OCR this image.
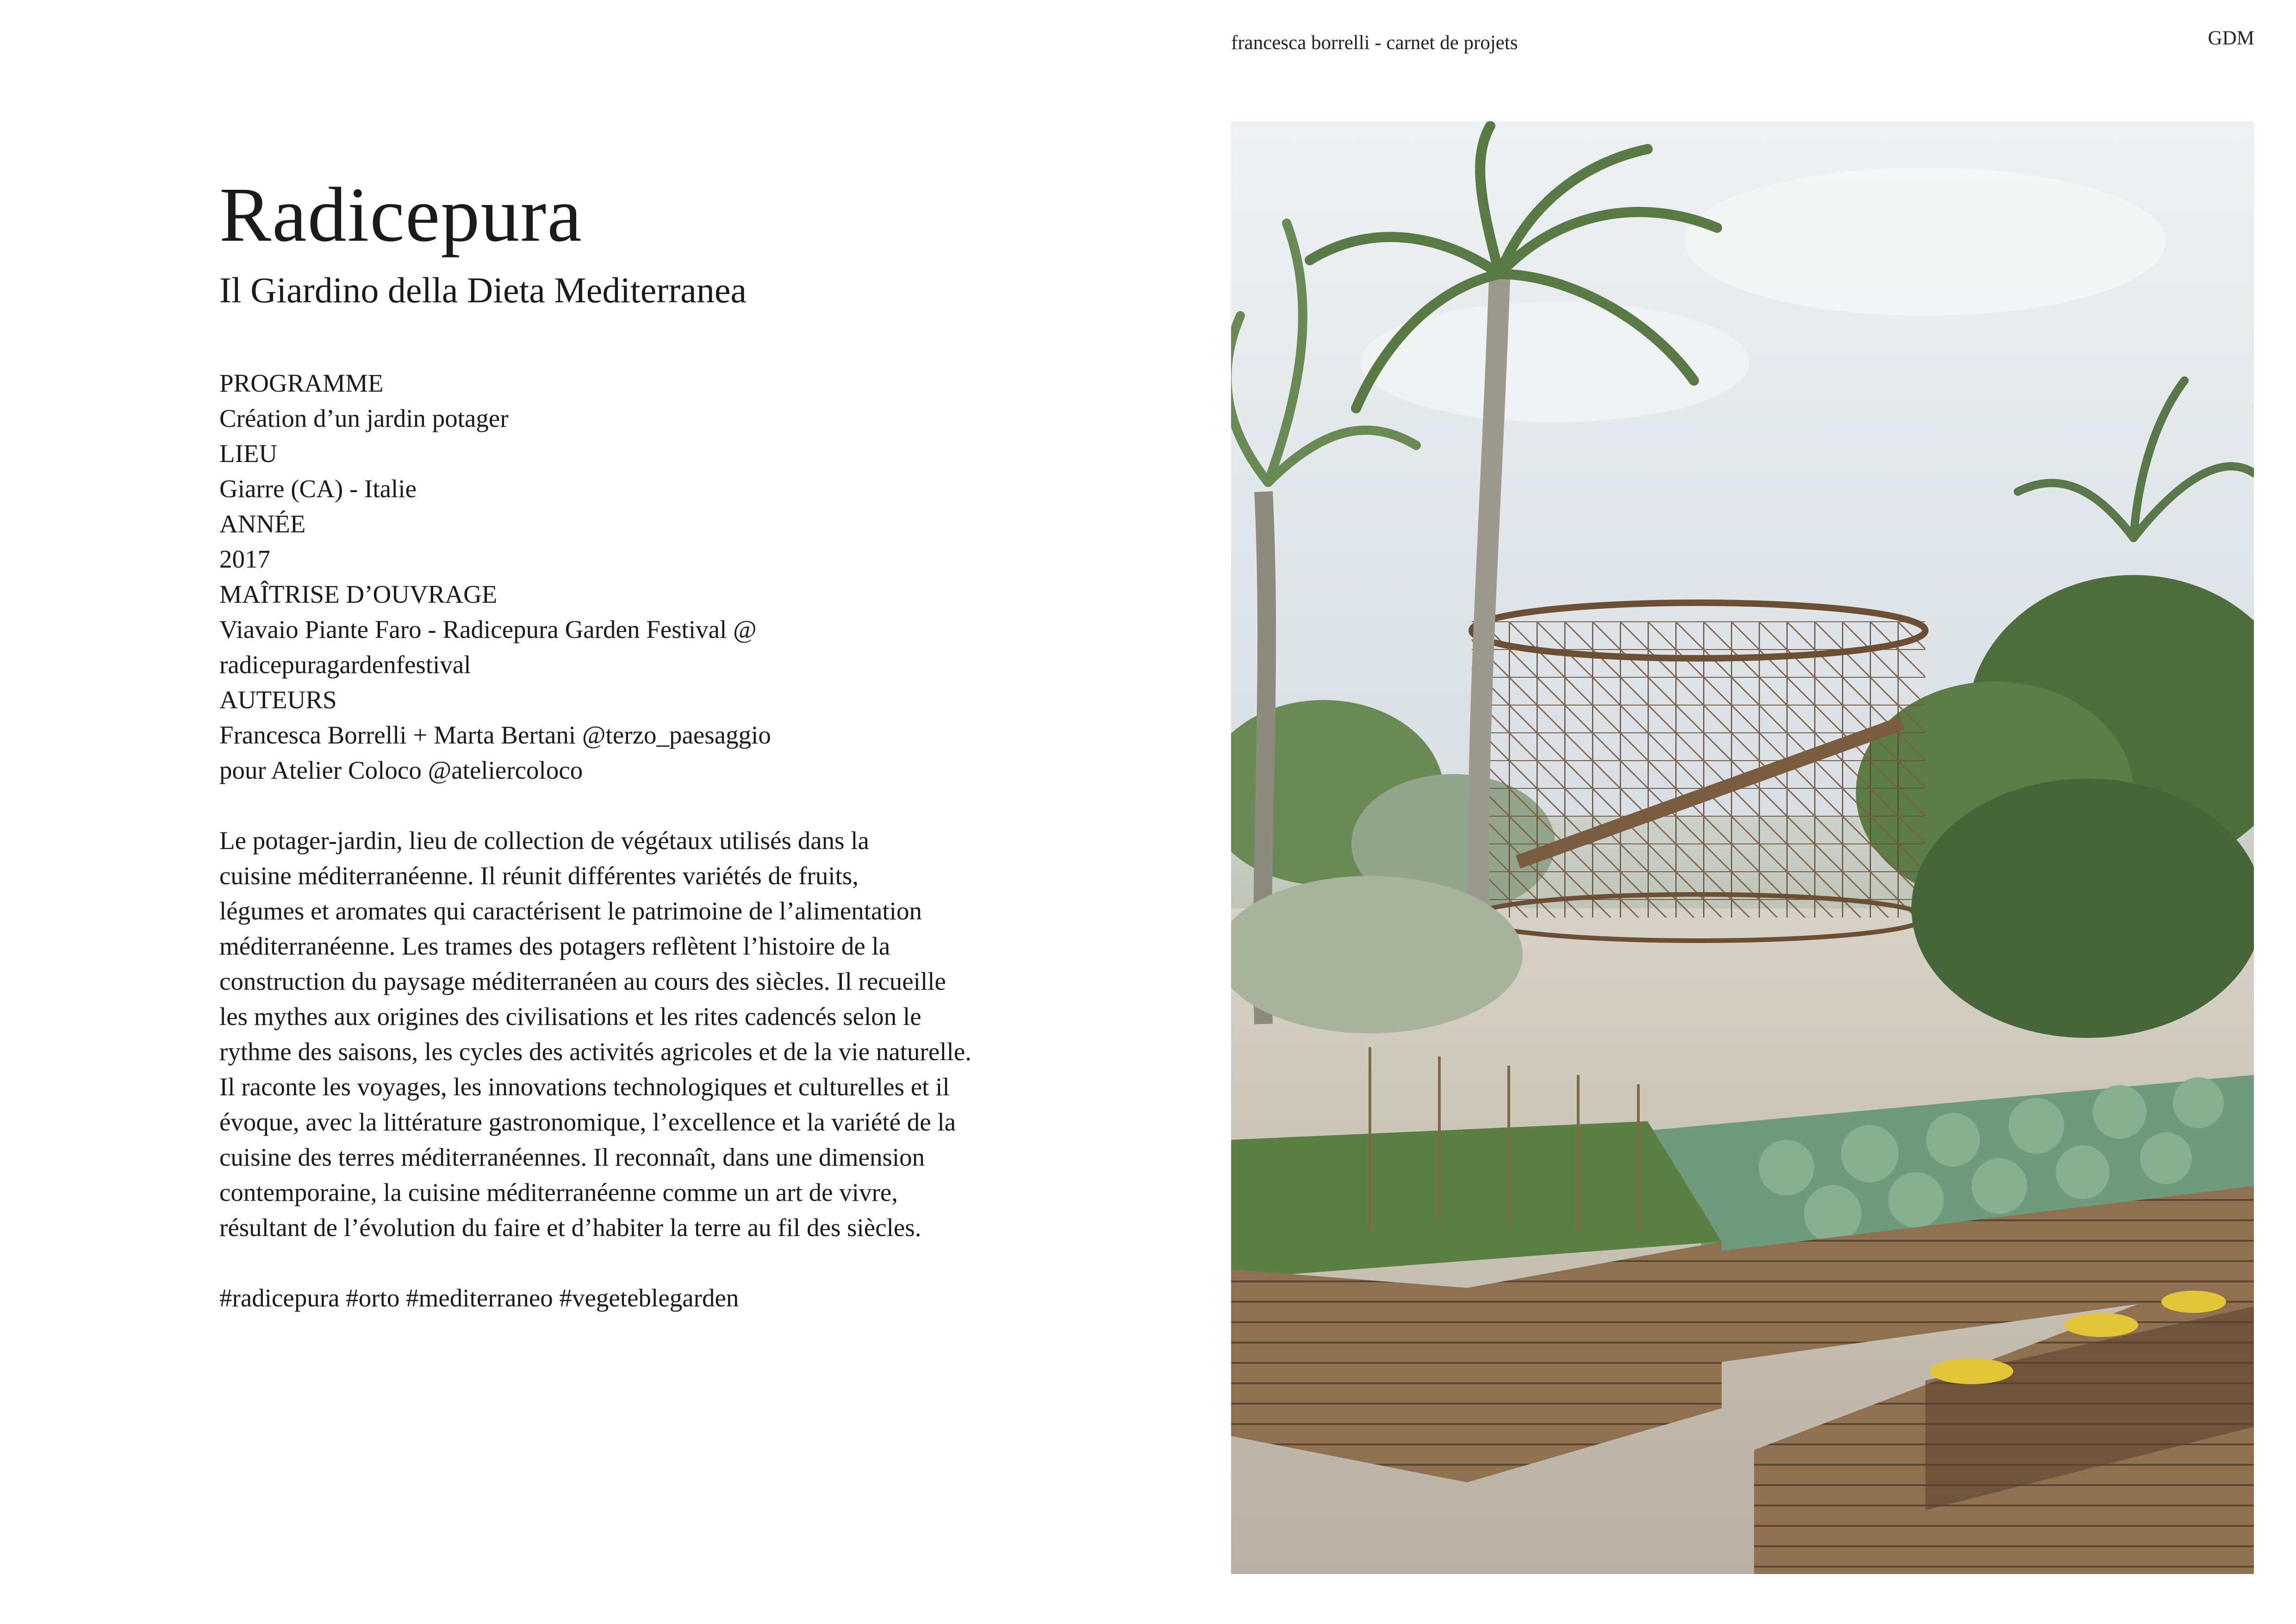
francesca borrelli - carnet de projets	GDM
Radicepura
Il Giardino della Dieta Mediterranea
PROGRAMME
Création d’un jardin potager
LIEU
Giarre (CA) - Italie
ANNÉE
2017
MAÎTRISE D’OUVRAGE
Viavaio Piante Faro - Radicepura Garden Festival @
radicepuragardenfestival
AUTEURS
Francesca Borrelli + Marta Bertani @terzo_paesaggio
pour Atelier Coloco @ateliercoloco
Le potager-jardin, lieu de collection de végétaux utilisés dans la
cuisine méditerranéenne. Il réunit différentes variétés de fruits,
légumes et aromates qui caractérisent le patrimoine de l’alimentation
méditerranéenne. Les trames des potagers reflètent l’histoire de la
construction du paysage méditerranéen au cours des siècles. Il recueille
les mythes aux origines des civilisations et les rites cadencés selon le
rythme des saisons, les cycles des activités agricoles et de la vie naturelle.
Il raconte les voyages, les innovations technologiques et culturelles et il
évoque, avec la littérature gastronomique, l’excellence et la variété de la
cuisine des terres méditerranéennes. Il reconnaît, dans une dimension
contemporaine, la cuisine méditerranéenne comme un art de vivre,
résultant de l’évolution du faire et d’habiter la terre au fil des siècles.
#radicepura #orto #mediterraneo #vegeteblegarden
